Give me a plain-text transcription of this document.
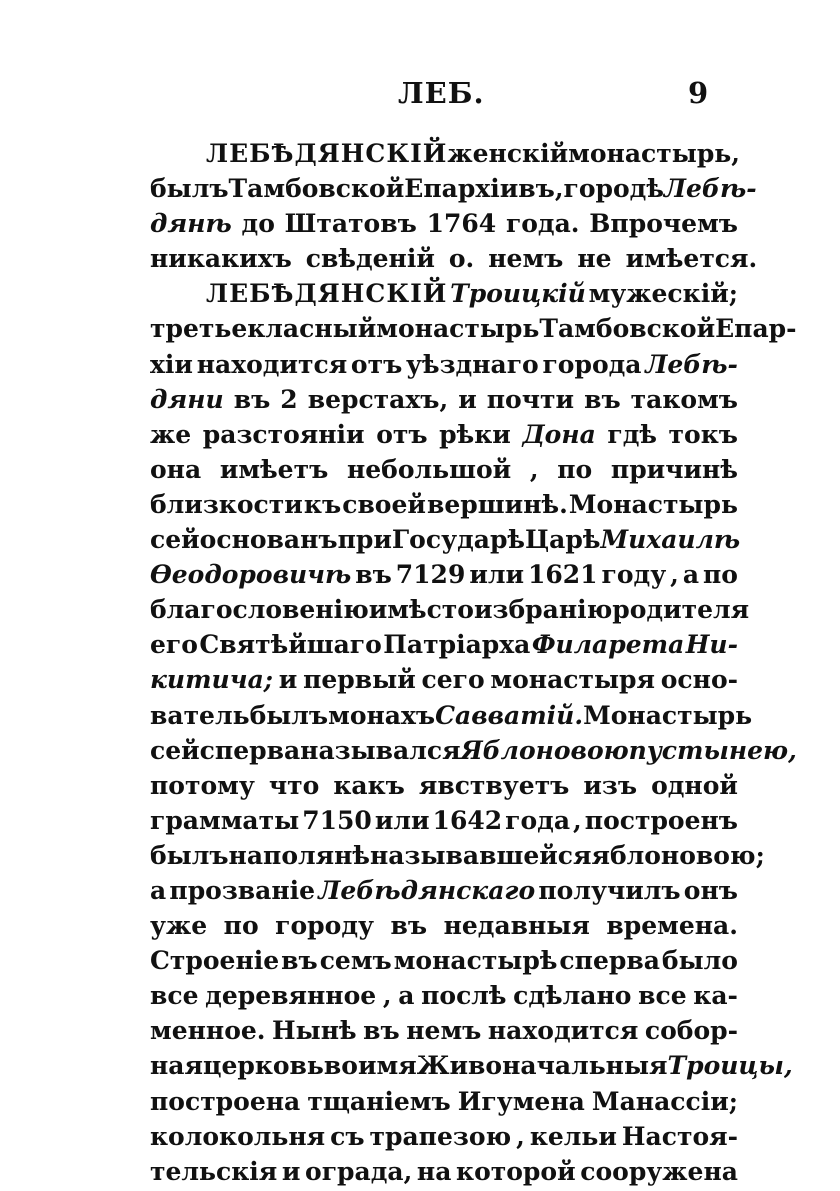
ЛЕБ.	9
ЛЕБѢДЯНСКІЙ женскій монастырь,
былъ Тамбовской Епархіи въ, городѣ Лебѣ-
дянѣ до Штатовъ 1764 года. Впрочемъ
никакихъ свѣденій о. немъ не имѣется.
ЛЕБѢДЯНСКІЙ Троицкій мужескій;
третьекласный монастырь Тамбовской Епар-
хіи находится отъ уѣзднаго города Лебѣ-
дяни въ 2 верстахъ, и почти въ такомъ
же разстояніи отъ рѣки Дона гдѣ токъ
она имѣетъ небольшой , по причинѣ
близкости къ своей вершинѣ. Монастырь
сей основанъ при Государѣ Царѣ Михаилѣ
Ѳеодоровичѣ въ 7129 или 1621 году , а по
благословенію и мѣстоизбранію родителя
его Святѣйшаго Патріарха Филарета Ни-
китича; и первый сего монастыря осно-
ватель былъ монахъ Савватій. Монастырь
сей сперва назывался Яблоновою пустынею,
потому что какъ явствуетъ изъ одной
граммaты 7150 или 1642 года , построенъ
былъ на полянѣ называвшейся яблоновою ;
а прозваніе Лебѣдянскаго получилъ онъ
уже по городу въ недавныя времена.
Строеніе въ семъ монастырѣ сперва было
все деревянное , а послѣ сдѣлано все ка-
менное. Нынѣ въ немъ находится собор-
ная церковь во имя Живоначальныя Троицы,
построена тщаніемъ Игумена Манассіи;
колокольня съ трапезою , кельи Настоя-
тельскія и ограда, на которой сооружена
